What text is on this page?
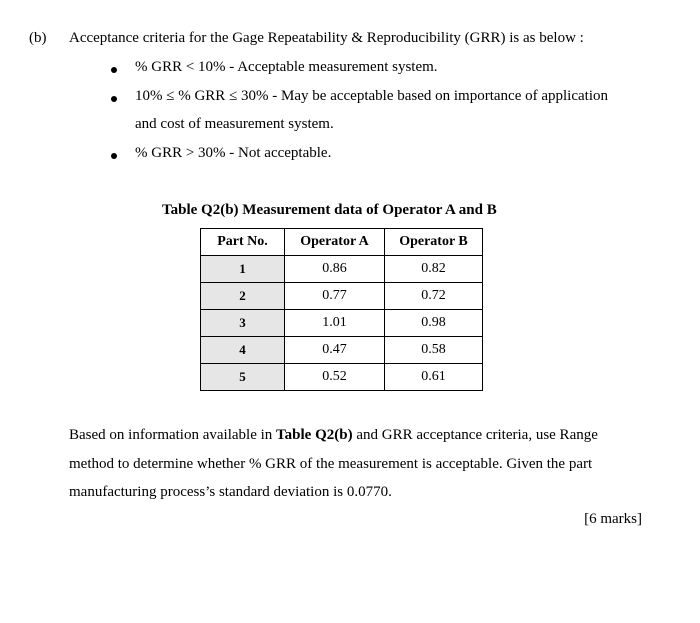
(b) Acceptance criteria for the Gage Repeatability & Reproducibility (GRR) is as below :
% GRR < 10% - Acceptable measurement system.
10% ≤ % GRR ≤ 30% - May be acceptable based on importance of application
and cost of measurement system.
% GRR > 30% - Not acceptable.
Table Q2(b) Measurement data of Operator A and B
Part No.	Operator A	Operator B
1	0.86	0.82
2	0.77	0.72
3	1.01	0.98
4	0.47	0.58
5	0.52	0.61
Based on information available in Table Q2(b) and GRR acceptance criteria, use Range
method to determine whether % GRR of the measurement is acceptable. Given the part
manufacturing process’s standard deviation is 0.0770.
[6 marks]
